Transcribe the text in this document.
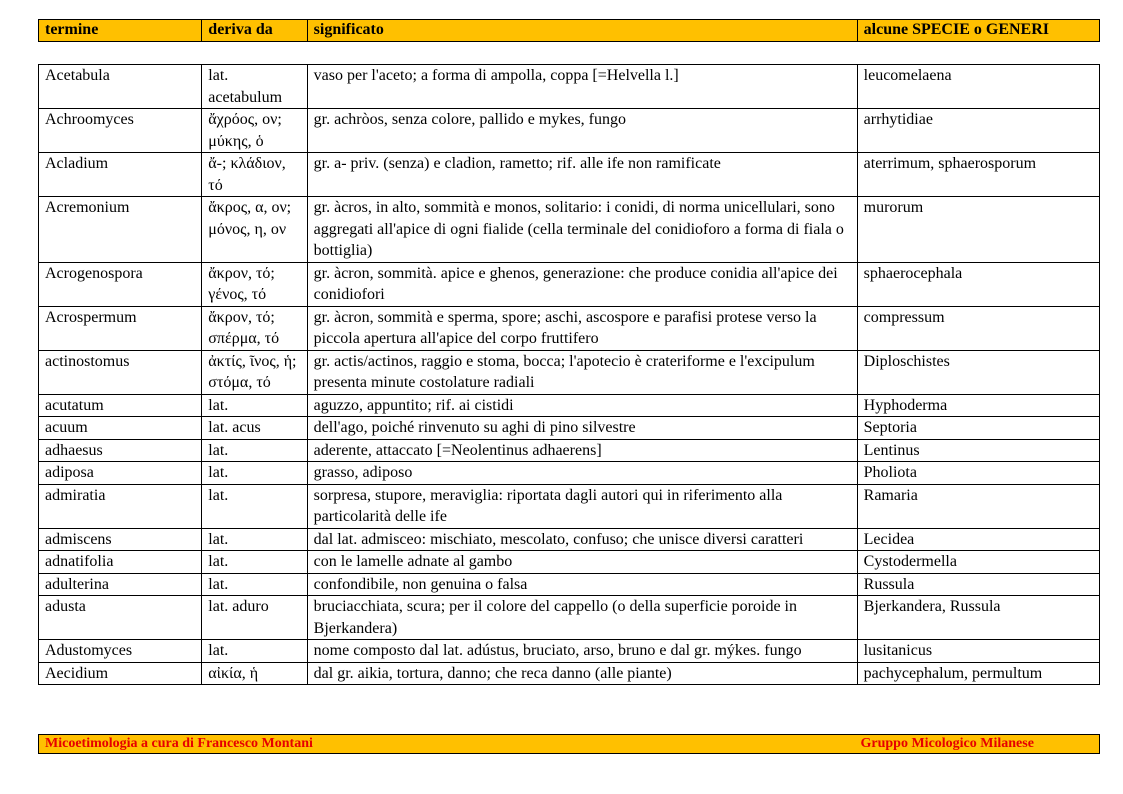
termine	deriva da	significato	alcune SPECIE o GENERI
Acetabula	lat. acetabulum	vaso per l'aceto; a forma di ampolla, coppa [=Helvella l.]	leucomelaena
Achroomyces	ἄχρόος, ον; μύκης, ὁ	gr. achròos, senza colore, pallido e mykes, fungo	arrhytidiae
Acladium	ἄ-; κλάδιον, τό	gr. a- priv. (senza) e cladion, rametto; rif. alle ife non ramificate	aterrimum, sphaerosporum
Acremonium	ἄκρος, α, ον; μόνος, η, ον	gr. àcros, in alto, sommità e monos, solitario: i conidi, di norma unicellulari, sono aggregati all'apice di ogni fialide (cella terminale del conidioforo a forma di fiala o bottiglia)	murorum
Acrogenospora	ἄκρον, τό; γένος, τό	gr. àcron, sommità. apice e ghenos, generazione: che produce conidia all'apice dei conidiofori	sphaerocephala
Acrospermum	ἄκρον, τό; σπέρμα, τό	gr. àcron, sommità e sperma, spore; aschi, ascospore e parafisi protese verso la piccola apertura all'apice del corpo fruttifero	compressum
actinostomus	ἀκτίς, ῖνος, ἡ; στόμα, τό	gr. actis/actinos, raggio e stoma, bocca; l'apotecio è crateriforme e l'excipulum presenta minute costolature radiali	Diploschistes
acutatum	lat.	aguzzo, appuntito; rif. ai cistidi	Hyphoderma
acuum	lat. acus	dell'ago, poiché rinvenuto su aghi di pino silvestre	Septoria
adhaesus	lat.	aderente, attaccato [=Neolentinus adhaerens]	Lentinus
adiposa	lat.	grasso, adiposo	Pholiota
admiratia	lat.	sorpresa, stupore, meraviglia: riportata dagli autori qui in riferimento alla particolarità delle ife	Ramaria
admiscens	lat.	dal lat. admisceo: mischiato, mescolato, confuso; che unisce diversi caratteri	Lecidea
adnatifolia	lat.	con le lamelle adnate al gambo	Cystodermella
adulterina	lat.	confondibile, non genuina o falsa	Russula
adusta	lat. aduro	bruciacchiata, scura; per il colore del cappello (o della superficie poroide in Bjerkandera)	Bjerkandera, Russula
Adustomyces	lat.	nome composto dal lat. adústus, bruciato, arso, bruno e dal gr. mýkes. fungo	lusitanicus
Aecidium	αἰκία, ἡ	dal gr. aikia, tortura, danno; che reca danno (alle piante)	pachycephalum, permultum
Micoetimologia a cura di Francesco Montani	Gruppo Micologico Milanese
